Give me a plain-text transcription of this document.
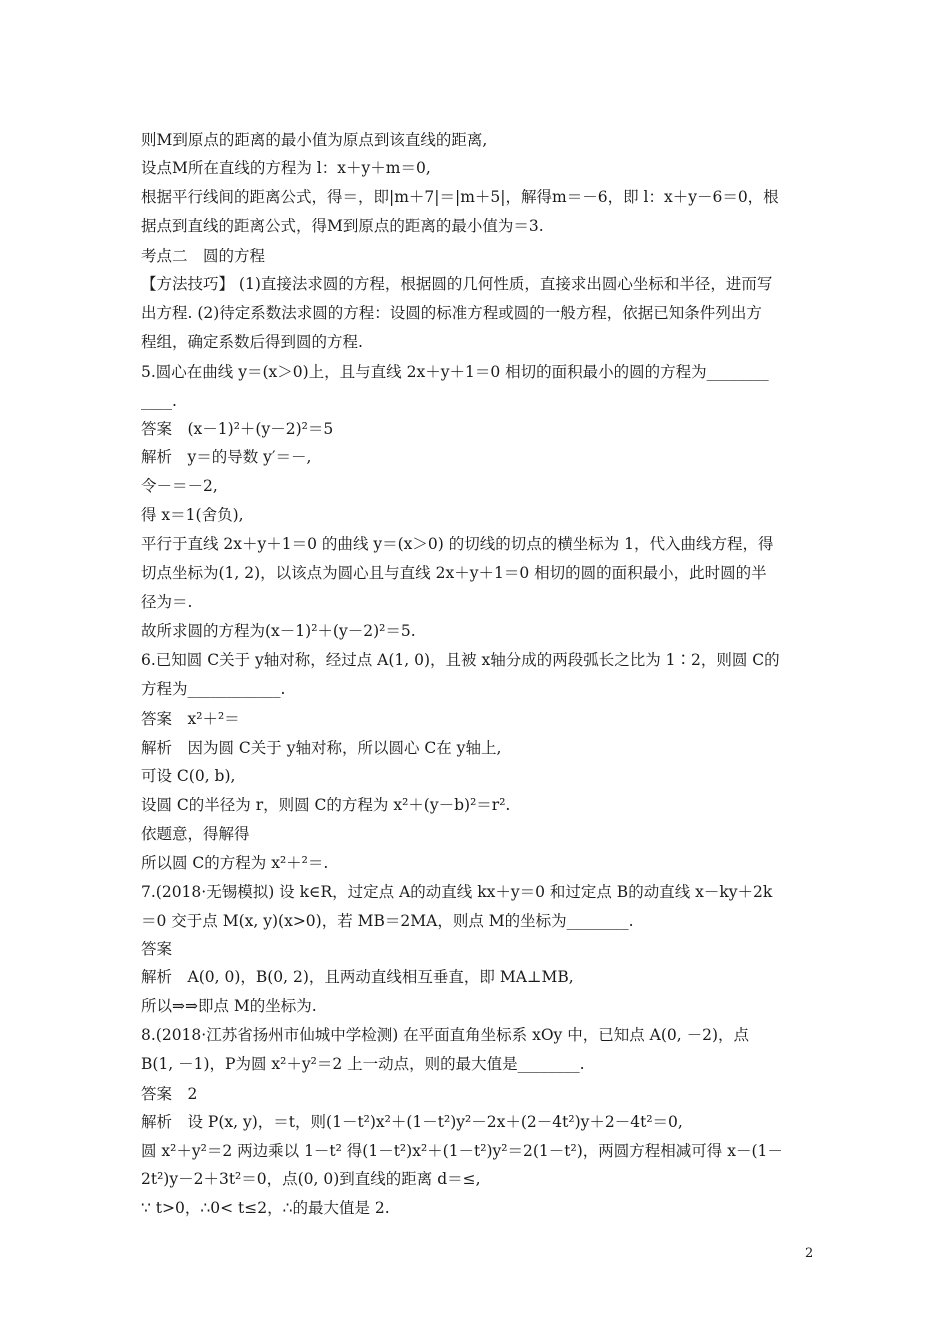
则M到原点的距离的最小值为原点到该直线的距离,
设点M所在直线的方程为 l：x＋y＋m＝0,
根据平行线间的距离公式，得＝，即|m＋7|＝|m＋5|，解得m＝－6，即 l：x＋y－6＝0，根
据点到直线的距离公式，得M到原点的距离的最小值为＝3.
考点二　圆的方程
【方法技巧】 (1)直接法求圆的方程，根据圆的几何性质，直接求出圆心坐标和半径，进而写
出方程. (2)待定系数法求圆的方程：设圆的标准方程或圆的一般方程，依据已知条件列出方
程组，确定系数后得到圆的方程.
5.圆心在曲线 y＝(x＞0)上，且与直线 2x＋y＋1＝0 相切的面积最小的圆的方程为________
____.
答案　(x－1)²＋(y－2)²＝5
解析　y＝的导数 y′＝－,
令－＝－2,
得 x＝1(舍负),
平行于直线 2x＋y＋1＝0 的曲线 y＝(x＞0) 的切线的切点的横坐标为 1，代入曲线方程，得
切点坐标为(1, 2)，以该点为圆心且与直线 2x＋y＋1＝0 相切的圆的面积最小，此时圆的半
径为＝.
故所求圆的方程为(x－1)²＋(y－2)²＝5.
6.已知圆 C关于 y轴对称，经过点 A(1, 0)，且被 x轴分成的两段弧长之比为 1∶2，则圆 C的
方程为____________.
答案　x²＋²＝
解析　因为圆 C关于 y轴对称，所以圆心 C在 y轴上,
可设 C(0, b),
设圆 C的半径为 r，则圆 C的方程为 x²＋(y－b)²＝r².
依题意，得解得
所以圆 C的方程为 x²＋²＝.
7.(2018·无锡模拟) 设 k∈R，过定点 A的动直线 kx＋y＝0 和过定点 B的动直线 x－ky＋2k
＝0 交于点 M(x, y)(x>0)，若 MB＝2MA，则点 M的坐标为________.
答案
解析　A(0, 0)，B(0, 2)，且两动直线相互垂直，即 MA⊥MB,
所以⇒⇒即点 M的坐标为.
8.(2018·江苏省扬州市仙城中学检测) 在平面直角坐标系 xOy 中，已知点 A(0, －2)，点
B(1, －1)，P为圆 x²＋y²＝2 上一动点，则的最大值是________.
答案　2
解析　设 P(x, y)，＝t，则(1－t²)x²＋(1－t²)y²－2x＋(2－4t²)y＋2－4t²＝0,
圆 x²＋y²＝2 两边乘以 1－t² 得(1－t²)x²＋(1－t²)y²＝2(1－t²)，两圆方程相减可得 x－(1－
2t²)y－2＋3t²＝0，点(0, 0)到直线的距离 d＝≤,
∵ t>0，∴0< t≤2，∴的最大值是 2.
2
